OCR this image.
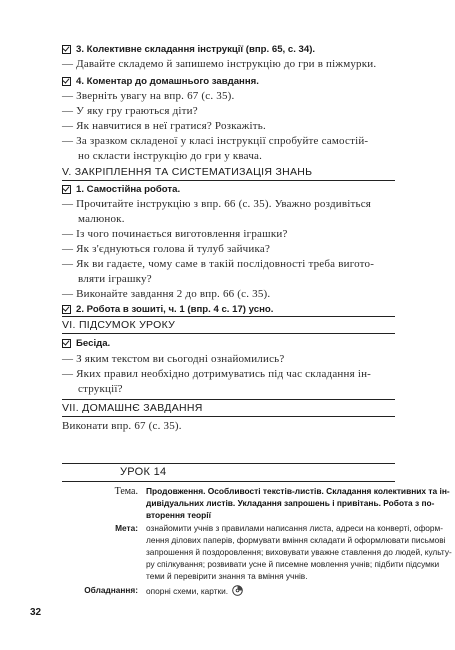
3. Колективне складання інструкції (впр. 65, с. 34).
— Давайте складемо й запишемо інструкцію до гри в піжмурки.
4. Коментар до домашнього завдання.
— Зверніть увагу на впр. 67 (с. 35).
— У яку гру граються діти?
— Як навчитися в неї гратися? Розкажіть.
— За зразком складеної у класі інструкції спробуйте самостій-
но скласти інструкцію до гри у квача.
V. ЗАКРІПЛЕННЯ ТА СИСТЕМАТИЗАЦІЯ ЗНАНЬ
1. Самостійна робота.
— Прочитайте інструкцію з впр. 66 (с. 35). Уважно роздивіться
малюнок.
— Із чого починається виготовлення іграшки?
— Як з'єднуються голова й тулуб зайчика?
— Як ви гадаєте, чому саме в такій послідовності треба вигото-
вляти іграшку?
— Виконайте завдання 2 до впр. 66 (с. 35).
2. Робота в зошиті, ч. 1 (впр. 4 с. 17) усно.
VI. ПІДСУМОК УРОКУ
Бесіда.
— З яким текстом ви сьогодні ознайомились?
— Яких правил необхідно дотримуватись під час складання ін-
струкції?
VII. ДОМАШНЄ ЗАВДАННЯ
Виконати впр. 67 (с. 35).
УРОК 14
Тема. Продовження. Особливості текстів-листів. Складання колективних та ін-
дивідуальних листів. Укладання запрошень і привітань. Робота з по-
вторення теорії
Мета: ознайомити учнів з правилами написання листа, адреси на конверті, оформ-
лення ділових паперів, формувати вміння складати й оформлювати письмові
запрошення й поздоровлення; виховувати уважне ставлення до людей, культу-
ру спілкування; розвивати усне й писемне мовлення учнів; підбити підсумки
теми й перевірити знання та вміння учнів.
Обладнання: опорні схеми, картки.
32
